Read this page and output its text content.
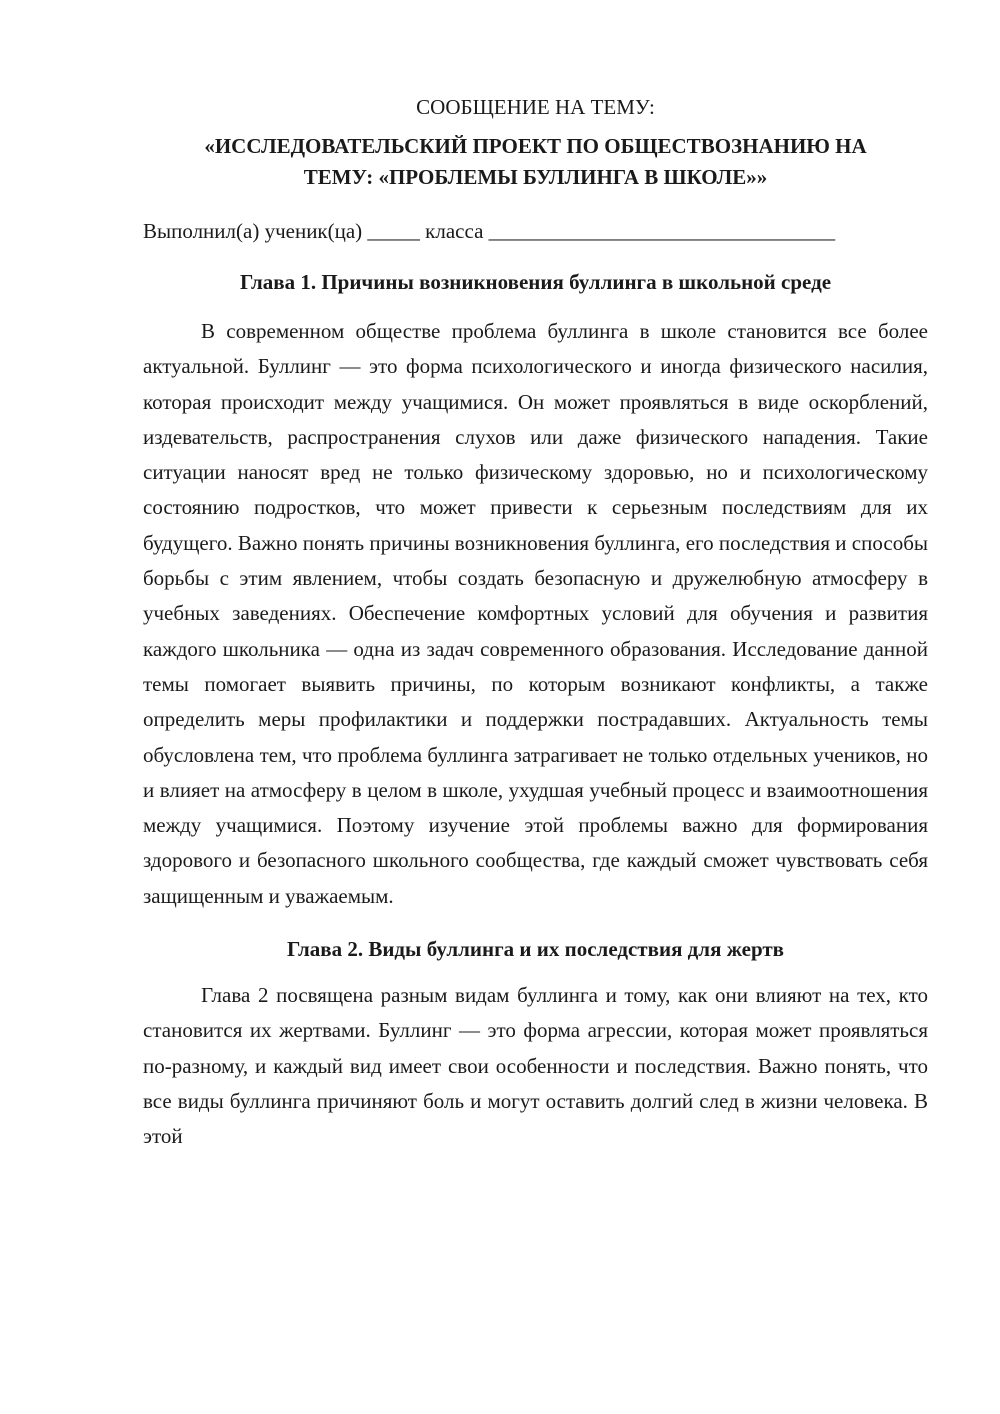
СООБЩЕНИЕ НА ТЕМУ:

«ИССЛЕДОВАТЕЛЬСКИЙ ПРОЕКТ ПО ОБЩЕСТВОЗНАНИЮ НА
ТЕМУ: «ПРОБЛЕМЫ БУЛЛИНГА В ШКОЛЕ»»

Выполнил(а) ученик(ца) _____ класса _________________________________

Глава 1. Причины возникновения буллинга в школьной среде

В современном обществе проблема буллинга в школе становится все более актуальной. Буллинг — это форма психологического и иногда физического насилия, которая происходит между учащимися. Он может проявляться в виде оскорблений, издевательств, распространения слухов или даже физического нападения. Такие ситуации наносят вред не только физическому здоровью, но и психологическому состоянию подростков, что может привести к серьезным последствиям для их будущего. Важно понять причины возникновения буллинга, его последствия и способы борьбы с этим явлением, чтобы создать безопасную и дружелюбную атмосферу в учебных заведениях. Обеспечение комфортных условий для обучения и развития каждого школьника — одна из задач современного образования. Исследование данной темы помогает выявить причины, по которым возникают конфликты, а также определить меры профилактики и поддержки пострадавших. Актуальность темы обусловлена тем, что проблема буллинга затрагивает не только отдельных учеников, но и влияет на атмосферу в целом в школе, ухудшая учебный процесс и взаимоотношения между учащимися. Поэтому изучение этой проблемы важно для формирования здорового и безопасного школьного сообщества, где каждый сможет чувствовать себя защищенным и уважаемым.

Глава 2. Виды буллинга и их последствия для жертв

Глава 2 посвящена разным видам буллинга и тому, как они влияют на тех, кто становится их жертвами. Буллинг — это форма агрессии, которая может проявляться по-разному, и каждый вид имеет свои особенности и последствия. Важно понять, что все виды буллинга причиняют боль и могут оставить долгий след в жизни человека. В этой
